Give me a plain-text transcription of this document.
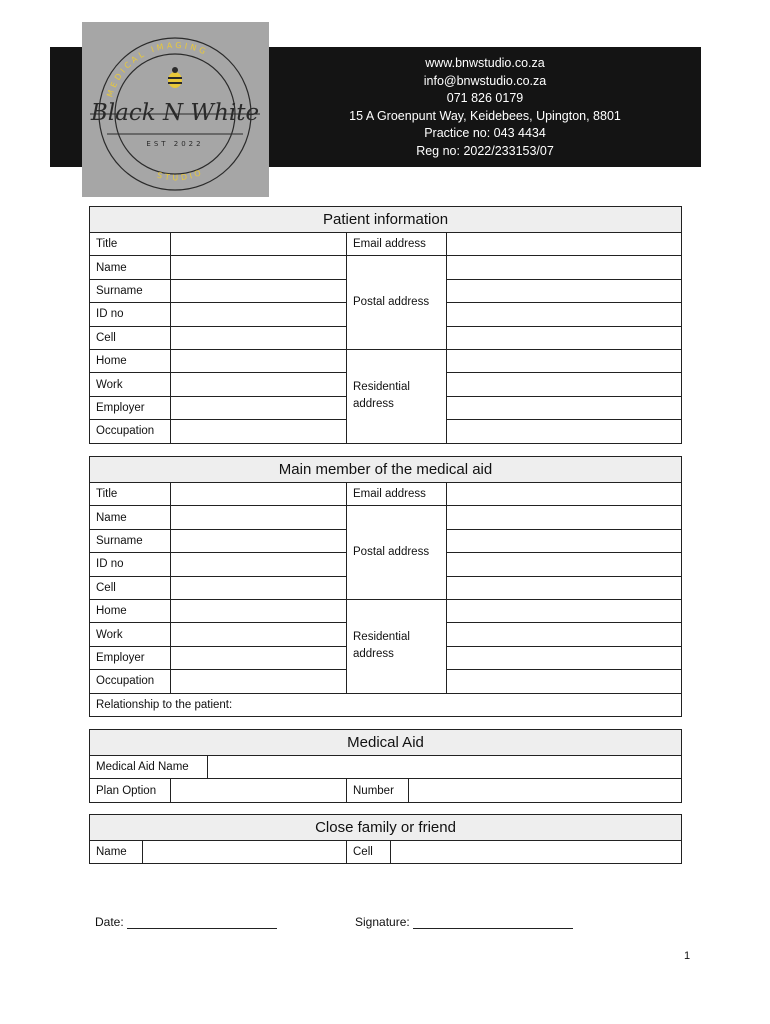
www.bnwstudio.co.za
info@bnwstudio.co.za
071 826 0179
15 A Groenpunt Way, Keidebees, Upington, 8801
Practice no: 043 4434
Reg no: 2022/233153/07
MEDICAL IMAGING
STUDIO
Black N White
EST 2022
Patient information			
Title		Email address	
Name		Postal address	
Surname			
ID no			
Cell			
Home		Residential address	
Work			
Employer			
Occupation			
Main member of the medical aid			
Title		Email address	
Name		Postal address	
Surname			
ID no			
Cell			
Home		Residential address	
Work			
Employer			
Occupation			
Relationship to the patient:			
Medical Aid				
Medical Aid Name				
Plan Option			Number	
Close family or friend
Name		Cell	
Date:	Signature:
1
